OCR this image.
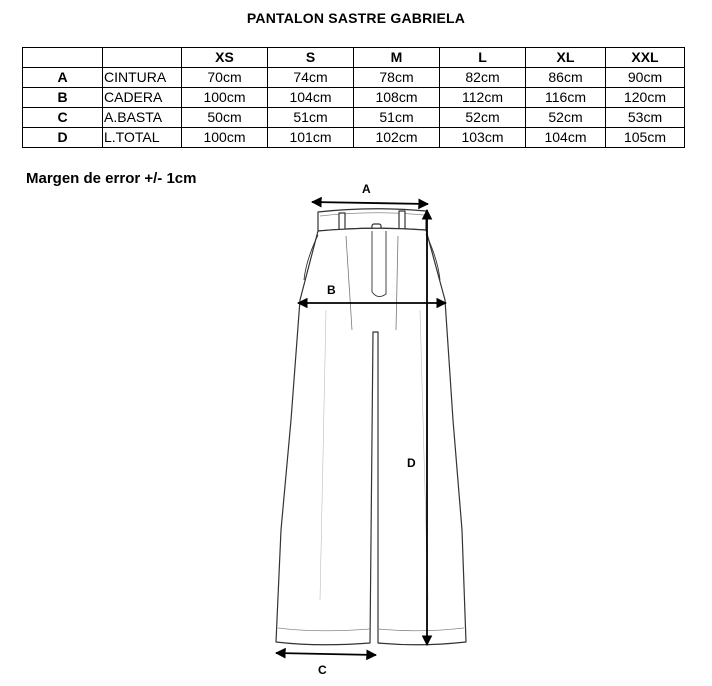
PANTALON SASTRE GABRIELA
		XS	S	M	L	XL	XXL
A	CINTURA	70cm	74cm	78cm	82cm	86cm	90cm
B	CADERA	100cm	104cm	108cm	112cm	116cm	120cm
C	A.BASTA	50cm	51cm	51cm	52cm	52cm	53cm
D	L.TOTAL	100cm	101cm	102cm	103cm	104cm	105cm
Margen de error +/- 1cm
A
B
C
D
